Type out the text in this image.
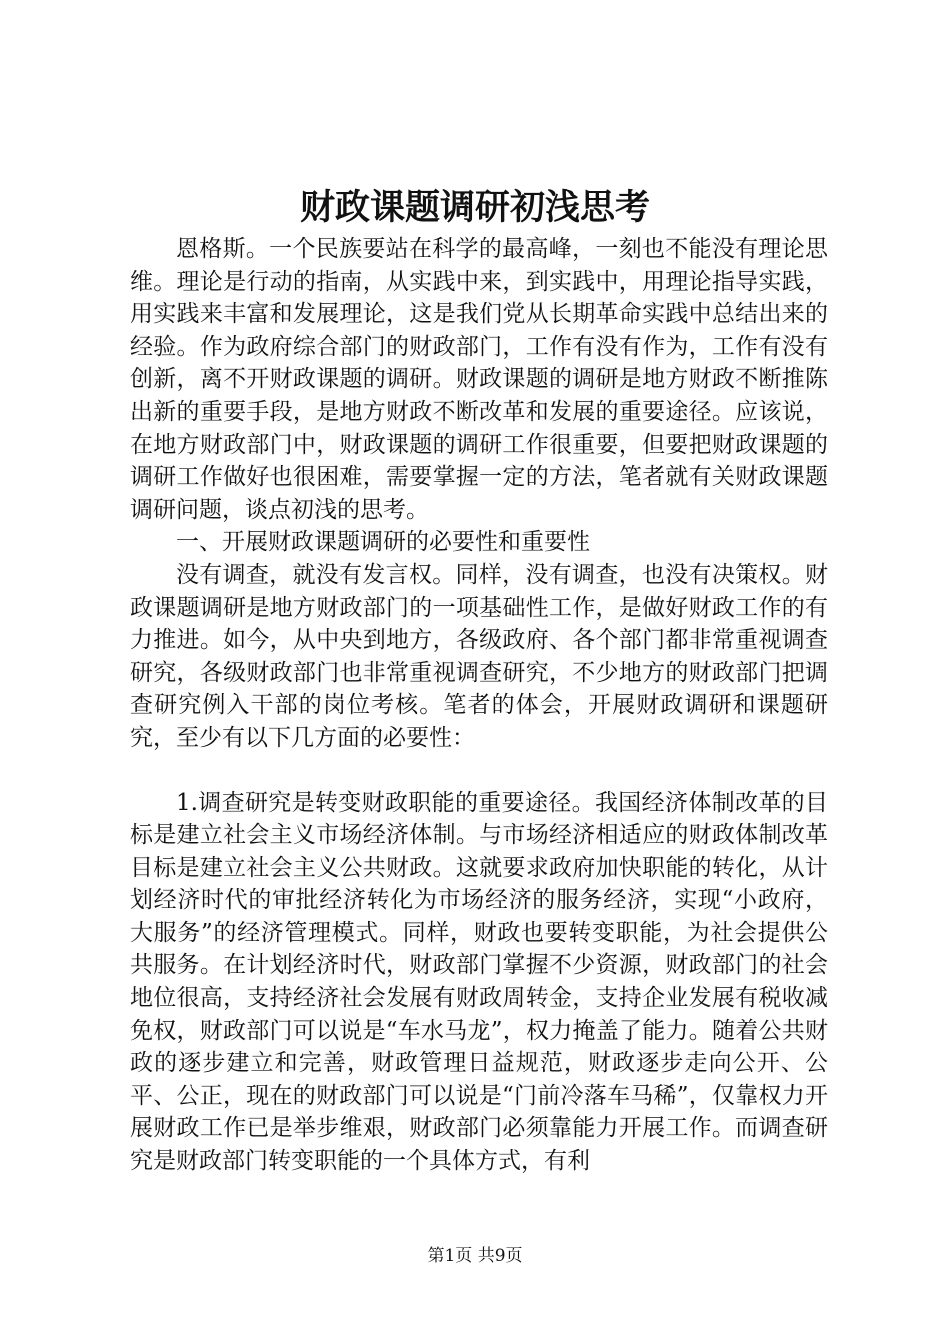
财政课题调研初浅思考

恩格斯。一个民族要站在科学的最高峰，一刻也不能没有理论思维。理论是行动的指南，从实践中来，到实践中，用理论指导实践，用实践来丰富和发展理论，这是我们党从长期革命实践中总结出来的经验。作为政府综合部门的财政部门，工作有没有作为，工作有没有创新，离不开财政课题的调研。财政课题的调研是地方财政不断推陈出新的重要手段，是地方财政不断改革和发展的重要途径。应该说，在地方财政部门中，财政课题的调研工作很重要，但要把财政课题的调研工作做好也很困难，需要掌握一定的方法，笔者就有关财政课题调研问题，谈点初浅的思考。

一、开展财政课题调研的必要性和重要性

没有调查，就没有发言权。同样，没有调查，也没有决策权。财政课题调研是地方财政部门的一项基础性工作，是做好财政工作的有力推进。如今，从中央到地方，各级政府、各个部门都非常重视调查研究，各级财政部门也非常重视调查研究，不少地方的财政部门把调查研究例入干部的岗位考核。笔者的体会，开展财政调研和课题研究，至少有以下几方面的必要性：

1.调查研究是转变财政职能的重要途径。我国经济体制改革的目标是建立社会主义市场经济体制。与市场经济相适应的财政体制改革目标是建立社会主义公共财政。这就要求政府加快职能的转化，从计划经济时代的审批经济转化为市场经济的服务经济，实现“小政府，大服务”的经济管理模式。同样，财政也要转变职能，为社会提供公共服务。在计划经济时代，财政部门掌握不少资源，财政部门的社会地位很高，支持经济社会发展有财政周转金，支持企业发展有税收减免权，财政部门可以说是“车水马龙”，权力掩盖了能力。随着公共财政的逐步建立和完善，财政管理日益规范，财政逐步走向公开、公平、公正，现在的财政部门可以说是“门前冷落车马稀”，仅靠权力开展财政工作已是举步维艰，财政部门必须靠能力开展工作。而调查研究是财政部门转变职能的一个具体方式，有利

第1页 共9页
